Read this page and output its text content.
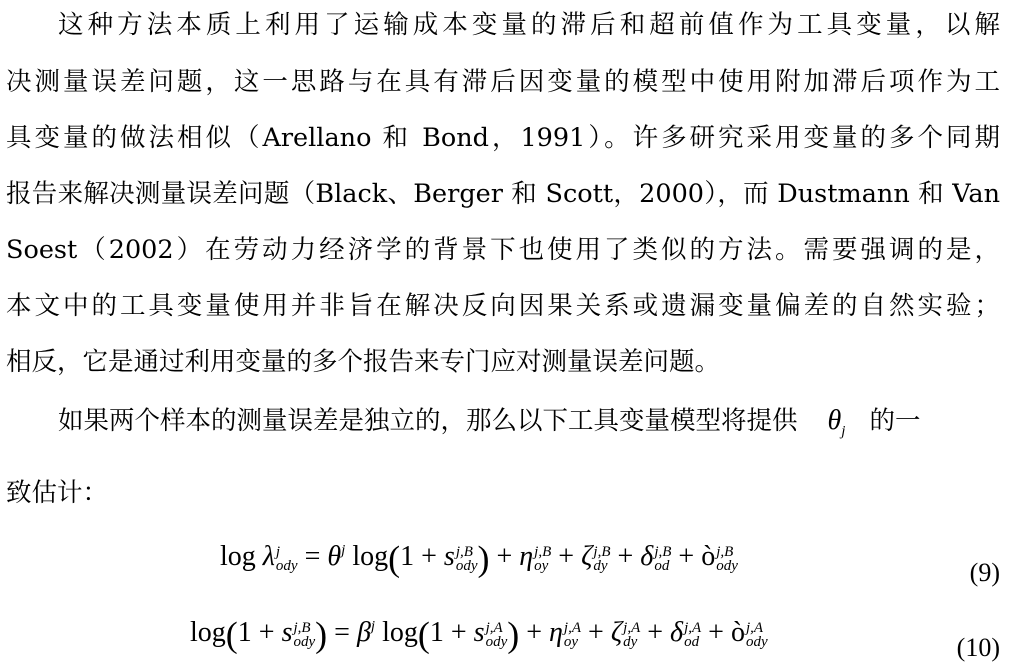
这种方法本质上利用了运输成本变量的滞后和超前值作为工具变量，以解
决测量误差问题，这一思路与在具有滞后因变量的模型中使用附加滞后项作为工
具变量的做法相似（Arellano 和 Bond，1991）。许多研究采用变量的多个同期
报告来解决测量误差问题（Black、Berger 和 Scott，2000），而 Dustmann 和 Van
Soest（2002）在劳动力经济学的背景下也使用了类似的方法。需要强调的是，
本文中的工具变量使用并非旨在解决反向因果关系或遗漏变量偏差的自然实验；
相反，它是通过利用变量的多个报告来专门应对测量误差问题。
如果两个样本的测量误差是独立的，那么以下工具变量模型将提供 $\theta_j$ 的一
致估计：
log λ j
ody = $\theta^j$ log(1 + s j,B
ody ) + η j,B
oy + ζ j,B
dy + δ j,B
od + ò j,B
ody	(9)
log(1 + s j,B
ody ) = $\beta^j$ log(1 + s j,A
ody ) + η j,A
oy + ζ j,A
dy + δ j,A
od + ò j,A
ody	(10)
